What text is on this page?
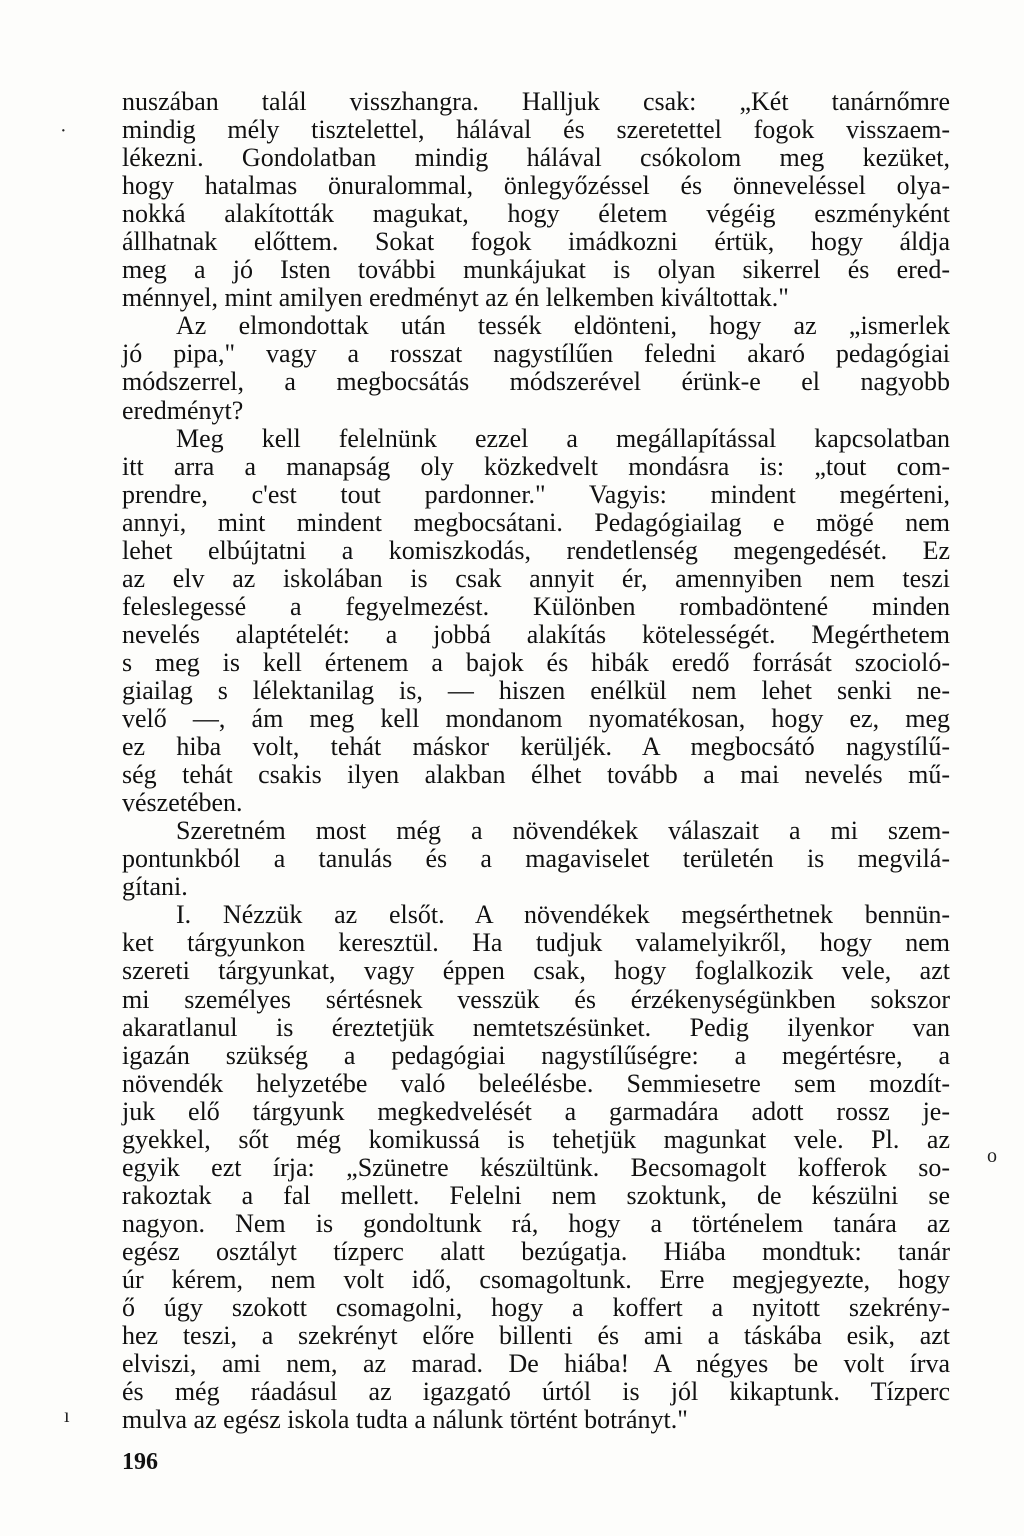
nuszában talál visszhangra. Halljuk csak: „Két tanárnőmre
mindig mély tisztelettel, hálával és szeretettel fogok visszaem-
lékezni. Gondolatban mindig hálával csókolom meg kezüket,
hogy hatalmas önuralommal, önlegyőzéssel és önneveléssel olya-
nokká alakították magukat, hogy életem végéig eszményként
állhatnak előttem. Sokat fogok imádkozni értük, hogy áldja
meg a jó Isten további munkájukat is olyan sikerrel és ered-
ménnyel, mint amilyen eredményt az én lelkemben kiváltottak."
Az elmondottak után tessék eldönteni, hogy az „ismerlek
jó pipa," vagy a rosszat nagystílűen feledni akaró pedagógiai
módszerrel, a megbocsátás módszerével érünk-e el nagyobb
eredményt?
Meg kell felelnünk ezzel a megállapítással kapcsolatban
itt arra a manapság oly közkedvelt mondásra is: „tout com-
prendre, c'est tout pardonner." Vagyis: mindent megérteni,
annyi, mint mindent megbocsátani. Pedagógiailag e mögé nem
lehet elbújtatni a komiszkodás, rendetlenség megengedését. Ez
az elv az iskolában is csak annyit ér, amennyiben nem teszi
feleslegessé a fegyelmezést. Különben rombadöntené minden
nevelés alaptételét: a jobbá alakítás kötelességét. Megérthetem
s meg is kell értenem a bajok és hibák eredő forrását szocioló-
giailag s lélektanilag is, — hiszen enélkül nem lehet senki ne-
velő —, ám meg kell mondanom nyomatékosan, hogy ez, meg
ez hiba volt, tehát máskor kerüljék. A megbocsátó nagystílű-
ség tehát csakis ilyen alakban élhet tovább a mai nevelés mű-
vészetében.
Szeretném most még a növendékek válaszait a mi szem-
pontunkból a tanulás és a magaviselet területén is megvilá-
gítani.
I. Nézzük az elsőt. A növendékek megsérthetnek bennün-
ket tárgyunkon keresztül. Ha tudjuk valamelyikről, hogy nem
szereti tárgyunkat, vagy éppen csak, hogy foglalkozik vele, azt
mi személyes sértésnek vesszük és érzékenységünkben sokszor
akaratlanul is éreztetjük nemtetszésünket. Pedig ilyenkor van
igazán szükség a pedagógiai nagystílűségre: a megértésre, a
növendék helyzetébe való beleélésbe. Semmiesetre sem mozdít-
juk elő tárgyunk megkedvelését a garmadára adott rossz je-
gyekkel, sőt még komikussá is tehetjük magunkat vele. Pl. az
egyik ezt írja: „Szünetre készültünk. Becsomagolt kofferok so-
rakoztak a fal mellett. Felelni nem szoktunk, de készülni se
nagyon. Nem is gondoltunk rá, hogy a történelem tanára az
egész osztályt tízperc alatt bezúgatja. Hiába mondtuk: tanár
úr kérem, nem volt idő, csomagoltunk. Erre megjegyezte, hogy
ő úgy szokott csomagolni, hogy a koffert a nyitott szekrény-
hez teszi, a szekrényt előre billenti és ami a táskába esik, azt
elviszi, ami nem, az marad. De hiába! A négyes be volt írva
és még ráadásul az igazgató úrtól is jól kikaptunk. Tízperc
mulva az egész iskola tudta a nálunk történt botrányt."
196
·
o
ı
